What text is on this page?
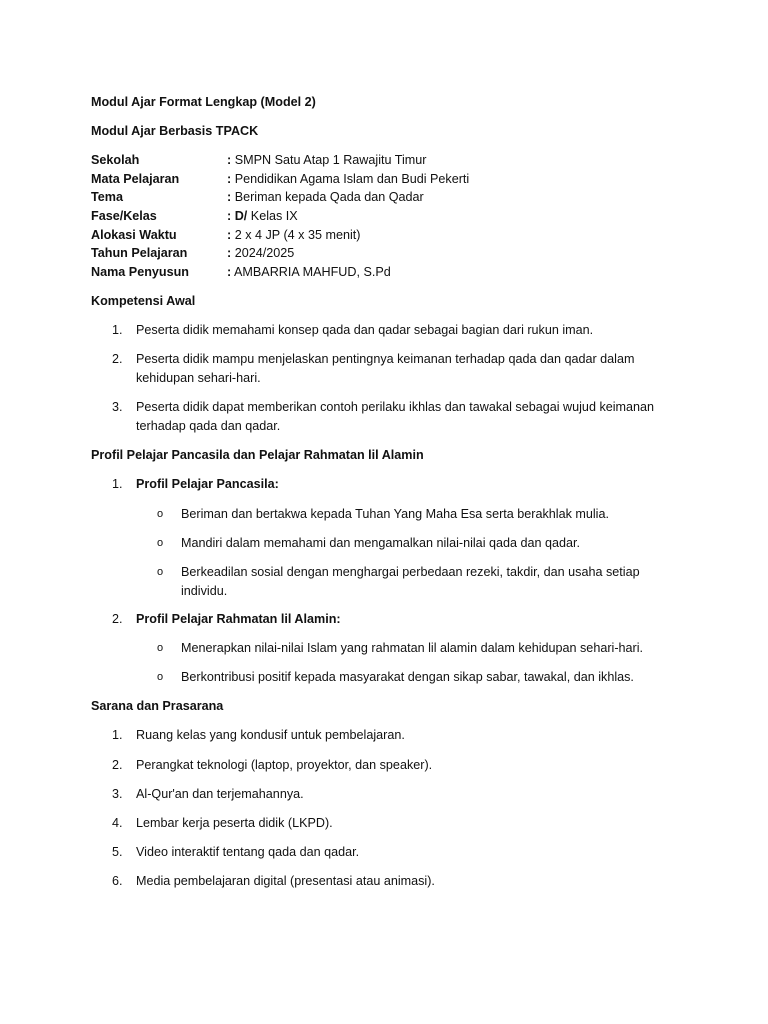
Modul Ajar Format Lengkap (Model 2)
Modul Ajar Berbasis TPACK
Sekolah	: SMPN Satu Atap 1 Rawajitu Timur
Mata Pelajaran	: Pendidikan Agama Islam dan Budi Pekerti
Tema	: Beriman kepada Qada dan Qadar
Fase/Kelas	: D/ Kelas IX
Alokasi Waktu	: 2 x 4 JP (4 x 35 menit)
Tahun Pelajaran	: 2024/2025
Nama Penyusun	: AMBARRIA MAHFUD, S.Pd
Kompetensi Awal
1. Peserta didik memahami konsep qada dan qadar sebagai bagian dari rukun iman.
2. Peserta didik mampu menjelaskan pentingnya keimanan terhadap qada dan qadar dalam
kehidupan sehari-hari.
3. Peserta didik dapat memberikan contoh perilaku ikhlas dan tawakal sebagai wujud keimanan
terhadap qada dan qadar.
Profil Pelajar Pancasila dan Pelajar Rahmatan lil Alamin
1. Profil Pelajar Pancasila:
o Beriman dan bertakwa kepada Tuhan Yang Maha Esa serta berakhlak mulia.
o Mandiri dalam memahami dan mengamalkan nilai-nilai qada dan qadar.
o Berkeadilan sosial dengan menghargai perbedaan rezeki, takdir, dan usaha setiap
individu.
2. Profil Pelajar Rahmatan lil Alamin:
o Menerapkan nilai-nilai Islam yang rahmatan lil alamin dalam kehidupan sehari-hari.
o Berkontribusi positif kepada masyarakat dengan sikap sabar, tawakal, dan ikhlas.
Sarana dan Prasarana
1. Ruang kelas yang kondusif untuk pembelajaran.
2. Perangkat teknologi (laptop, proyektor, dan speaker).
3. Al-Qur'an dan terjemahannya.
4. Lembar kerja peserta didik (LKPD).
5. Video interaktif tentang qada dan qadar.
6. Media pembelajaran digital (presentasi atau animasi).
